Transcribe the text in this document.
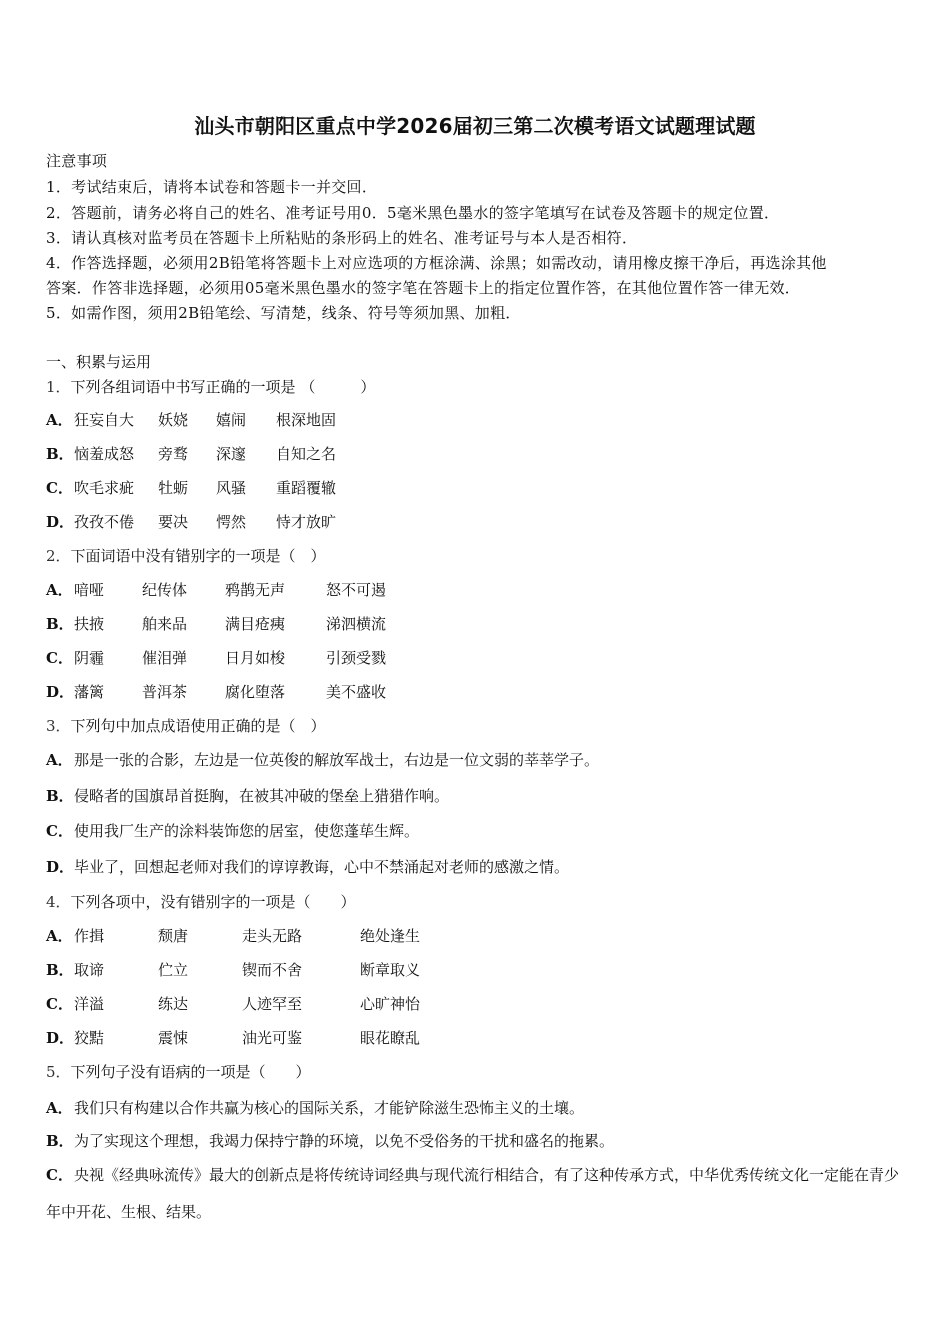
汕头市朝阳区重点中学2026届初三第二次模考语文试题理试题
注意事项
1．考试结束后，请将本试卷和答题卡一并交回．
2．答题前，请务必将自己的姓名、准考证号用0．5毫米黑色墨水的签字笔填写在试卷及答题卡的规定位置．
3．请认真核对监考员在答题卡上所粘贴的条形码上的姓名、准考证号与本人是否相符．
4．作答选择题，必须用2B铅笔将答题卡上对应选项的方框涂满、涂黑；如需改动，请用橡皮擦干净后，再选涂其他
答案．作答非选择题，必须用05毫米黑色墨水的签字笔在答题卡上的指定位置作答，在其他位置作答一律无效．
5．如需作图，须用2B铅笔绘、写清楚，线条、符号等须加黑、加粗．
一、积累与运用
1．下列各组词语中书写正确的一项是 （　　　）
A．狂妄自大 妖娆 嬉闹 根深地固
B．恼羞成怒 旁骛 深邃 自知之名
C．吹毛求疵 牡蛎 风骚 重蹈覆辙
D．孜孜不倦 要决 愕然 恃才放旷
2．下面词语中没有错别字的一项是（　）
A．喑哑	纪传体	鸦鹊无声	怒不可遏
B．扶掖	舶来品	满目疮痍	涕泗横流
C．阴霾	催泪弹	日月如梭	引颈受戮
D．藩篱	普洱茶	腐化堕落	美不盛收
3．下列句中加点成语使用正确的是（　）
A．那是一张的合影，左边是一位英俊的解放军战士，右边是一位文弱的莘莘学子。
B．侵略者的国旗昂首挺胸，在被其冲破的堡垒上猎猎作响。
C．使用我厂生产的涂料装饰您的居室，使您蓬荜生辉。
D．毕业了，回想起老师对我们的谆谆教诲，心中不禁涌起对老师的感激之情。
4．下列各项中，没有错别字的一项是（　　）
A．作揖	颓唐	走头无路	绝处逢生
B．取谛	伫立	锲而不舍	断章取义
C．洋溢	练达	人迹罕至	心旷神怡
D．狡黠	震悚	油光可鉴	眼花瞭乱
5．下列句子没有语病的一项是（　　）
A．我们只有构建以合作共赢为核心的国际关系，才能铲除滋生恐怖主义的土壤。
B．为了实现这个理想，我竭力保持宁静的环境，以免不受俗务的干扰和盛名的拖累。
C．央视《经典咏流传》最大的创新点是将传统诗词经典与现代流行相结合，有了这种传承方式，中华优秀传统文化一定能在青少年中开花、生根、结果。
